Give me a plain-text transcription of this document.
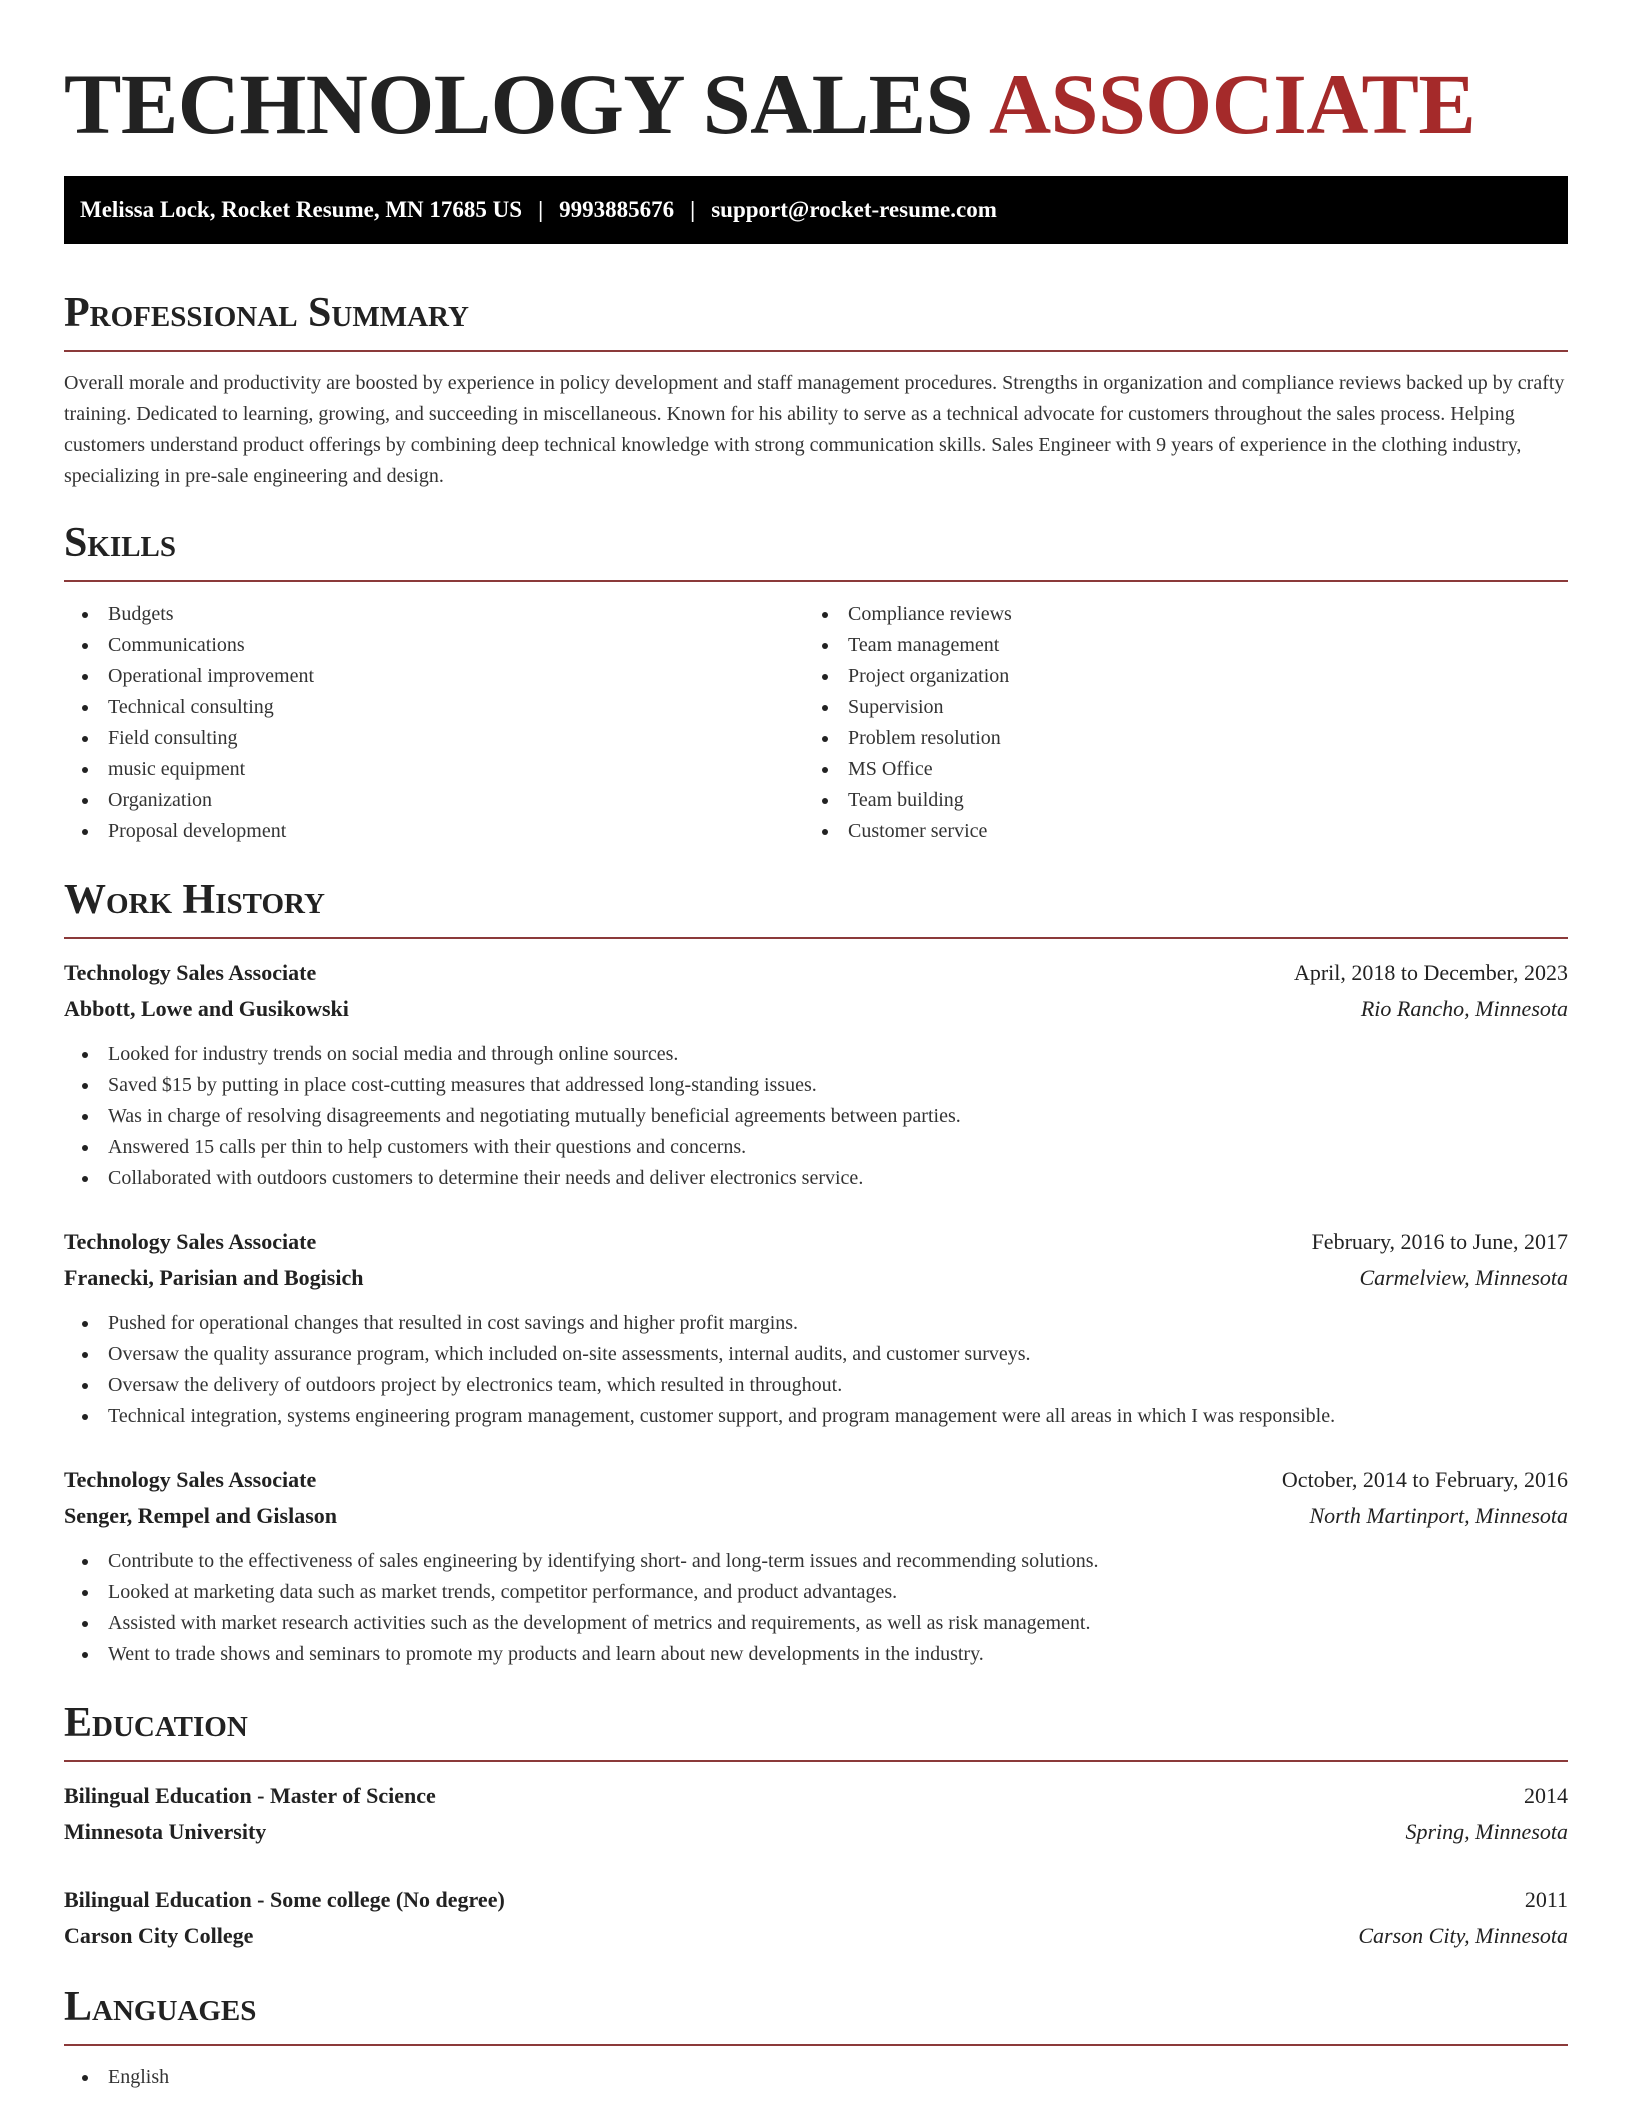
TECHNOLOGY SALES ASSOCIATE
Melissa Lock, Rocket Resume, MN 17685 US | 9993885676 | support@rocket-resume.com
Professional Summary

Overall morale and productivity are boosted by experience in policy development and staff management procedures. Strengths in organization and compliance reviews backed up by crafty training. Dedicated to learning, growing, and succeeding in miscellaneous. Known for his ability to serve as a technical advocate for customers throughout the sales process. Helping customers understand product offerings by combining deep technical knowledge with strong communication skills. Sales Engineer with 9 years of experience in the clothing industry, specializing in pre-sale engineering and design.

Skills
Budgets
Communications
Operational improvement
Technical consulting
Field consulting
music equipment
Organization
Proposal development
Compliance reviews
Team management
Project organization
Supervision
Problem resolution
MS Office
Team building
Customer service
Work History
Technology Sales Associate	April, 2018 to December, 2023
Abbott, Lowe and Gusikowski	Rio Rancho, Minnesota
Looked for industry trends on social media and through online sources.
Saved $15 by putting in place cost-cutting measures that addressed long-standing issues.
Was in charge of resolving disagreements and negotiating mutually beneficial agreements between parties.
Answered 15 calls per thin to help customers with their questions and concerns.
Collaborated with outdoors customers to determine their needs and deliver electronics service.
Technology Sales Associate	February, 2016 to June, 2017
Franecki, Parisian and Bogisich	Carmelview, Minnesota
Pushed for operational changes that resulted in cost savings and higher profit margins.
Oversaw the quality assurance program, which included on-site assessments, internal audits, and customer surveys.
Oversaw the delivery of outdoors project by electronics team, which resulted in throughout.
Technical integration, systems engineering program management, customer support, and program management were all areas in which I was responsible.
Technology Sales Associate	October, 2014 to February, 2016
Senger, Rempel and Gislason	North Martinport, Minnesota
Contribute to the effectiveness of sales engineering by identifying short- and long-term issues and recommending solutions.
Looked at marketing data such as market trends, competitor performance, and product advantages.
Assisted with market research activities such as the development of metrics and requirements, as well as risk management.
Went to trade shows and seminars to promote my products and learn about new developments in the industry.
Education
Bilingual Education - Master of Science	2014
Minnesota University	Spring, Minnesota
Bilingual Education - Some college (No degree)	2011
Carson City College	Carson City, Minnesota
Languages
English
